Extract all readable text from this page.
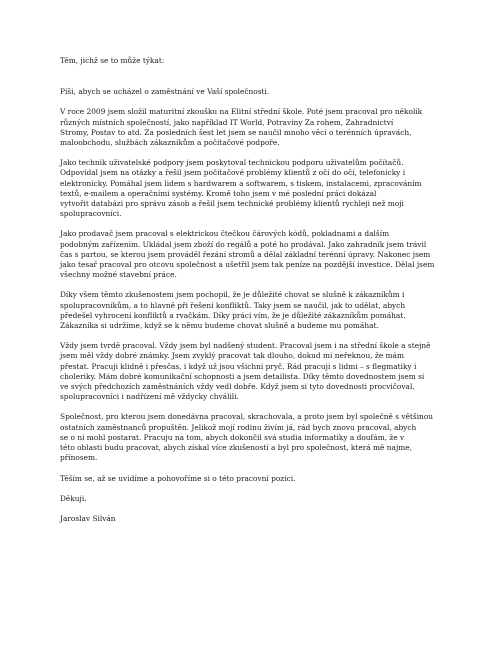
Těm, jichž se to může týkat:
Píši, abych se ucházel o zaměstnání ve Vaší společnosti.
V roce 2009 jsem složil maturitní zkoušku na Elitní střední škole. Poté jsem pracoval pro několik
různých místních společností, jako například IT World, Potraviny Za rohem, Zahradnictví
Stromy, Postav to atd. Za posledních šest let jsem se naučil mnoho věcí o terénních úpravách,
maloobchodu, službách zákazníkům a počítačové podpoře.
Jako technik uživatelské podpory jsem poskytoval technickou podporu uživatelům počítačů.
Odpovídal jsem na otázky a řešil jsem počítačové problémy klientů z očí do očí, telefonicky i
elektronicky. Pomáhal jsem lidem s hardwarem a softwarem, s tiskem, instalacemi, zpracováním
textů, e-mailem a operačními systémy. Kromě toho jsem v mé poslední práci dokázal
vytvořit databázi pro správu zásob a řešil jsem technické problémy klientů rychleji než moji
spolupracovníci.
Jako prodavač jsem pracoval s elektrickou čtečkou čárových kódů, pokladnami a dalším
podobným zařízením. Ukládal jsem zboží do regálů a poté ho prodával. Jako zahradník jsem trávil
čas s partou, se kterou jsem prováděl řezání stromů a dělal základní terénní úpravy. Nakonec jsem
jako tesař pracoval pro otcovu společnost a ušetřil jsem tak peníze na pozdější investice. Dělal jsem
všechny možné stavební práce.
Díky všem těmto zkušenostem jsem pochopil, že je důležité chovat se slušně k zákazníkům i
spolupracovníkům, a to hlavně při řešení konfliktů. Taky jsem se naučil, jak to udělat, abych
předešel vyhrocení konfliktů a rvačkám. Díky práci vím, že je důležité zákazníkům pomáhat.
Zákazníka si udržíme, když se k němu budeme chovat slušně a budeme mu pomáhat.
Vždy jsem tvrdě pracoval. Vždy jsem byl nadšený student. Pracoval jsem i na střední škole a stejně
jsem měl vždy dobré známky. Jsem zvyklý pracovat tak dlouho, dokud mi neřeknou, že mám
přestat. Pracuji klidně i přesčas, i když už jsou všichni pryč. Rád pracuji s lidmi – s flegmatiky i
choleriky. Mám dobré komunikační schopnosti a jsem detailista. Díky těmto dovednostem jsem si
ve svých předchozích zaměstnáních vždy vedl dobře. Když jsem si tyto dovednosti procvičoval,
spolupracovníci i nadřízení mě vždycky chválili.
Společnost, pro kterou jsem donedávna pracoval, skrachovala, a proto jsem byl společně s většinou
ostatních zaměstnanců propuštěn. Jelikož mojí rodinu živím já, rád bych znovu pracoval, abych
se o ni mohl postarat. Pracuju na tom, abych dokončil svá studia informatiky a doufám, že v
této oblasti budu pracovat, abych získal více zkušeností a byl pro společnost, která mě najme,
přínosem.
Těším se, až se uvidíme a pohovoříme si o této pracovní pozici.
Děkuji.
Jaroslav Silván
